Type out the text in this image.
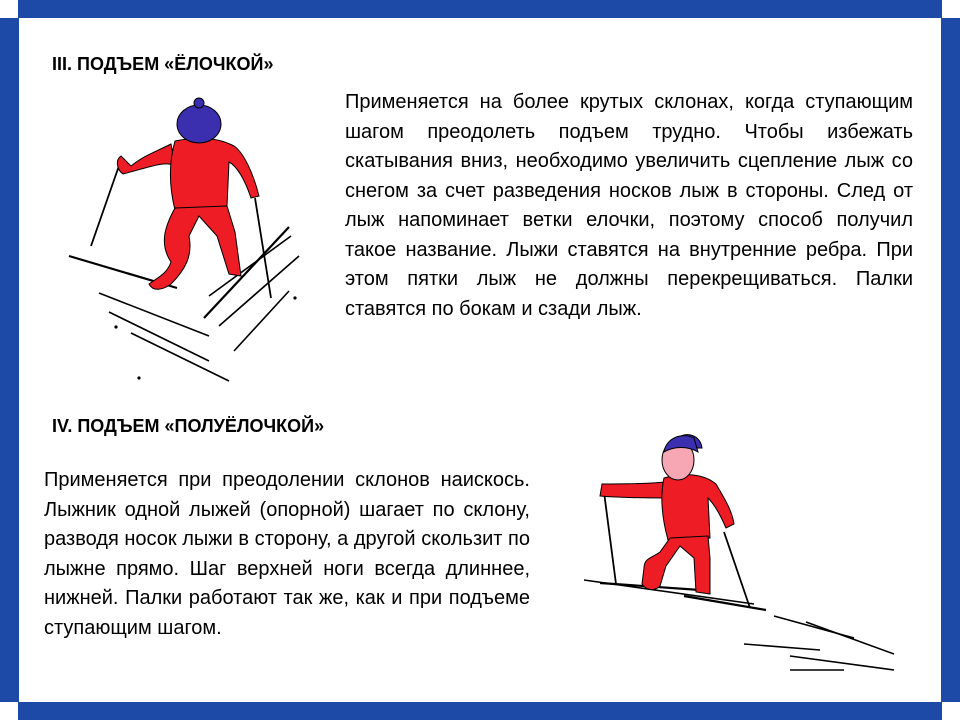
III. ПОДЪЕМ «ЁЛОЧКОЙ»

Применяется на более крутых склонах, когда ступающим шагом преодолеть подъем трудно. Чтобы избежать скатывания вниз, необходимо увеличить сцепление лыж со снегом за счет разведения носков лыж в стороны. След от лыж напоминает ветки елочки, поэтому способ получил такое название. Лыжи ставятся на внутренние ребра. При этом пятки лыж не должны перекрещиваться. Палки ставятся по бокам и сзади лыж.

IV. ПОДЪЕМ «ПОЛУЁЛОЧКОЙ»

Применяется при преодолении склонов наискось. Лыжник одной лыжей (опорной) шагает по склону, разводя носок лыжи в сторону, а другой скользит по лыжне прямо. Шаг верхней ноги всегда длиннее, нижней. Палки работают так же, как и при подъеме ступающим шагом.
